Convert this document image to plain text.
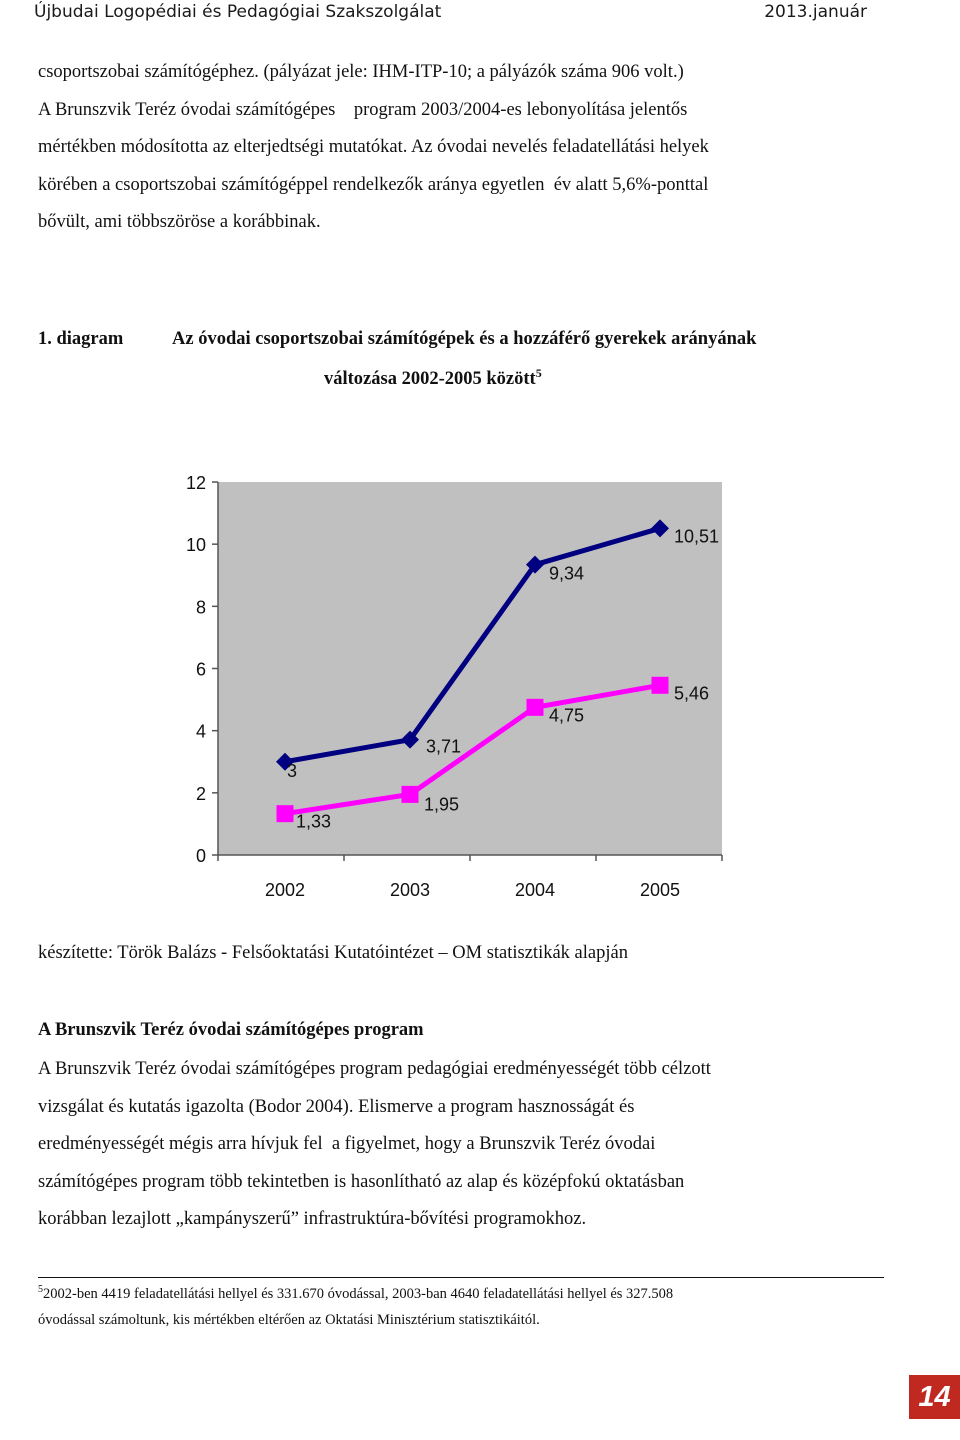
Újbudai Logopédiai és Pedagógiai Szakszolgálat	2013.január
csoportszobai számítógéphez. (pályázat jele: IHM-ITP-10; a pályázók száma 906 volt.)
A Brunszvik Teréz óvodai számítógépes    program 2003/2004-es lebonyolítása jelentős
mértékben módosította az elterjedtségi mutatókat. Az óvodai nevelés feladatellátási helyek
körében a csoportszobai számítógéppel rendelkezők aránya egyetlen  év alatt 5,6%-ponttal
bővült, ami többszöröse a korábbinak.
1. diagram	Az óvodai csoportszobai számítógépek és a hozzáférő gyerekek arányának
változása 2002-2005 között$^5$
0
2
4
6
8
10
12
2002	2003	2004	2005
3
3,71
9,34
10,51
1,33
1,95
4,75
5,46
készítette: Török Balázs - Felsőoktatási Kutatóintézet – OM statisztikák alapján
A Brunszvik Teréz óvodai számítógépes program
A Brunszvik Teréz óvodai számítógépes program pedagógiai eredményességét több célzott
vizsgálat és kutatás igazolta (Bodor 2004). Elismerve a program hasznosságát és
eredményességét mégis arra hívjuk fel  a figyelmet, hogy a Brunszvik Teréz óvodai
számítógépes program több tekintetben is hasonlítható az alap és középfokú oktatásban
korábban lezajlott „kampányszerű” infrastruktúra-bővítési programokhoz.
$^5$2002-ben 4419 feladatellátási hellyel és 331.670 óvodással, 2003-ban 4640 feladatellátási hellyel és 327.508
óvodással számoltunk, kis mértékben eltérően az Oktatási Minisztérium statisztikáitól.
14
